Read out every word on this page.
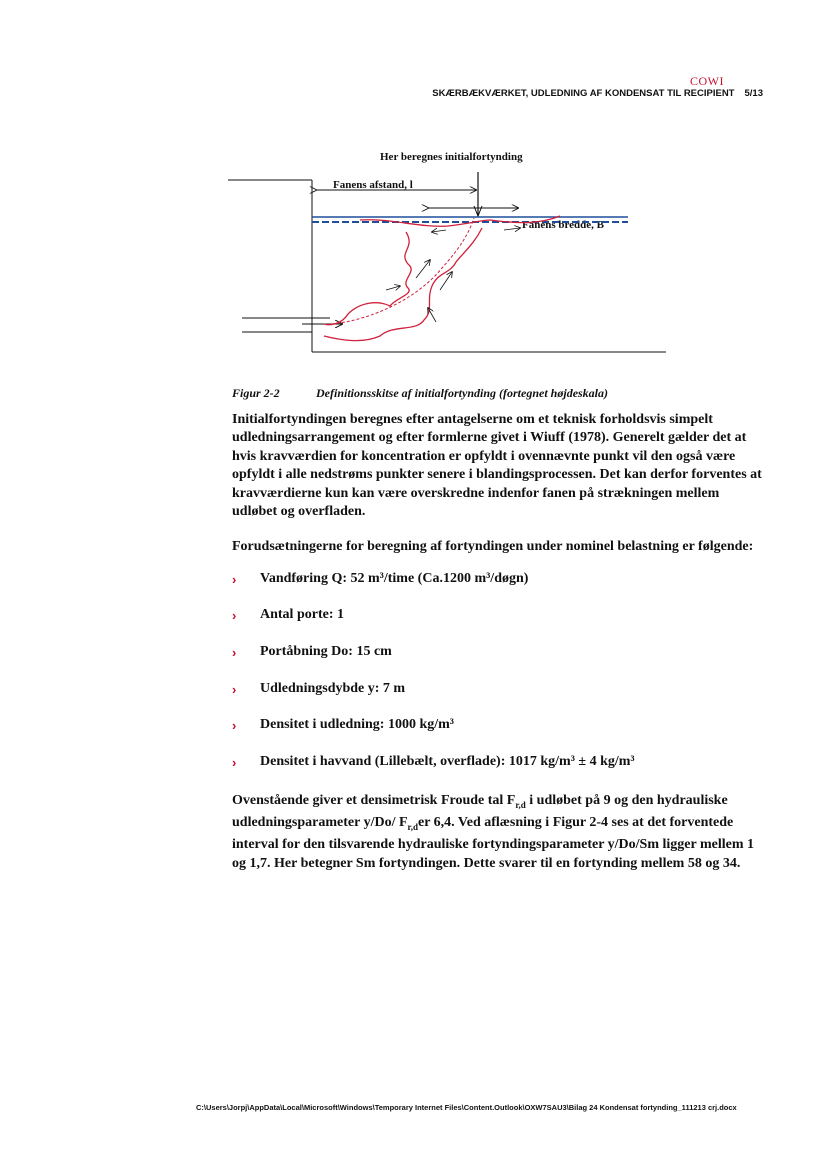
COWI
SKÆRBÆKVÆRKET, UDLEDNING AF KONDENSAT TIL RECIPIENT 5/13
Her beregnes initialfortynding
Fanens afstand, l
Fanens bredde, B
Figur 2-2	Definitionsskitse af initialfortynding (fortegnet højdeskala)

Initialfortyndingen beregnes efter antagelserne om et teknisk forholdsvis simpelt udledningsarrangement og efter formlerne givet i Wiuff (1978). Generelt gælder det at hvis kravværdien for koncentration er opfyldt i ovennævnte punkt vil den også være opfyldt i alle nedstrøms punkter senere i blandingsprocessen. Det kan derfor forventes at kravværdierne kun kan være overskredne indenfor fanen på strækningen mellem udløbet og overfladen.

Forudsætningerne for beregning af fortyndingen under nominel belastning er følgende:

› Vandføring Q: 52 m³/time (Ca.1200 m³/døgn)
› Antal porte: 1
› Portåbning Do: 15 cm
› Udledningsdybde y: 7 m
› Densitet i udledning: 1000 kg/m³
› Densitet i havvand (Lillebælt, overflade): 1017 kg/m³ ± 4 kg/m³

Ovenstående giver et densimetrisk Froude tal $F_{r,d}$ i udløbet på 9 og den hydrauliske udledningsparameter y/Do/ $F_{r,d}er$ 6,4. Ved aflæsning i Figur 2-4 ses at det forventede interval for den tilsvarende hydrauliske fortyndingsparameter y/Do/Sm ligger mellem 1 og 1,7. Her betegner Sm fortyndingen. Dette svarer til en fortynding mellem 58 og 34.

C:\Users\Jorpj\AppData\Local\Microsoft\Windows\Temporary Internet Files\Content.Outlook\OXW7SAU3\Bilag 24 Kondensat fortynding_111213 crj.docx
